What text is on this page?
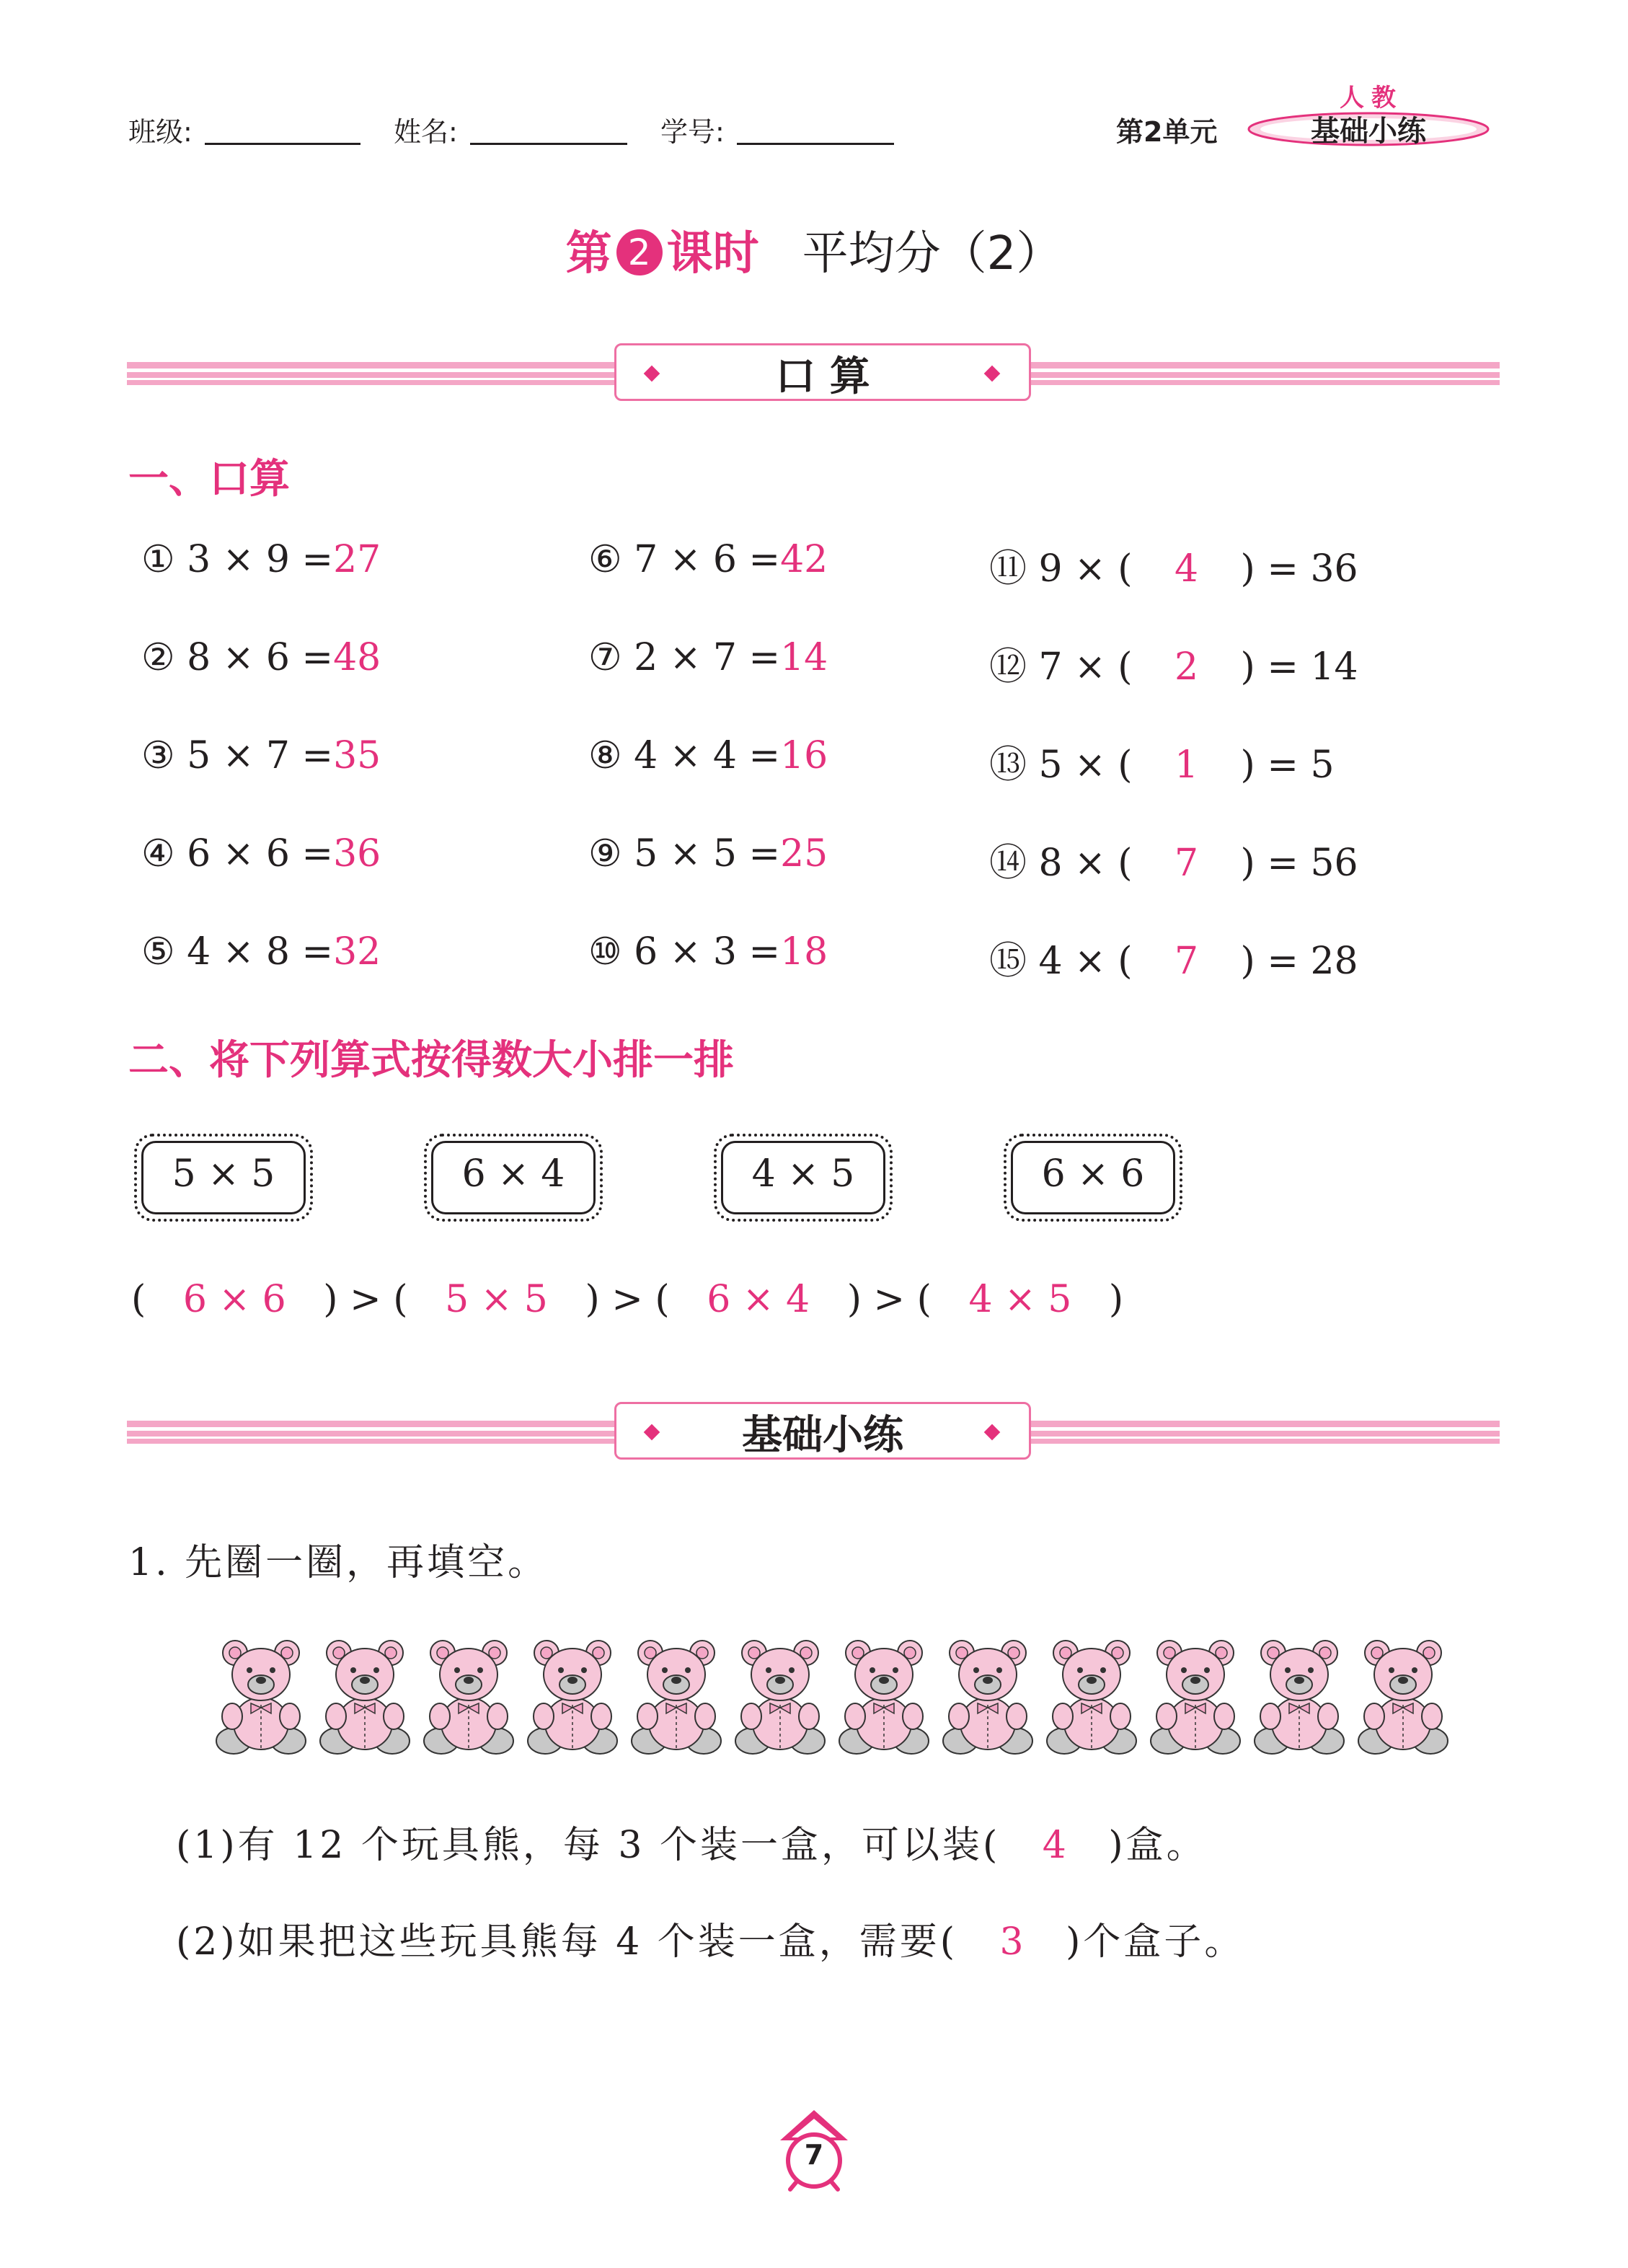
班级:	姓名:	学号:	第2单元
人教
基础小练
第 2 课时 平均分（2）
口 算
一、口算
① 3 × 9 =27
② 8 × 6 =48
③ 5 × 7 =35
④ 6 × 6 =36
⑤ 4 × 8 =32
⑥ 7 × 6 =42
⑦ 2 × 7 =14
⑧ 4 × 4 =16
⑨ 5 × 5 =25
⑩ 6 × 3 =18
⑪ 9 × ( 4 ) = 36
⑫ 7 × ( 2 ) = 14
⑬ 5 × ( 1 ) = 5
⑭ 8 × ( 7 ) = 56
⑮ 4 × ( 7 ) = 28
二、将下列算式按得数大小排一排
5 × 5	6 × 4	4 × 5	6 × 6
( 6 × 6 ) > ( 5 × 5 ) > ( 6 × 4 ) > ( 4 × 5 )
基础小练
1. 先圈一圈，再填空。
(1)有 12 个玩具熊，每 3 个装一盒，可以装( 4 )盒。
(2)如果把这些玩具熊每 4 个装一盒，需要( 3 )个盒子。
7
